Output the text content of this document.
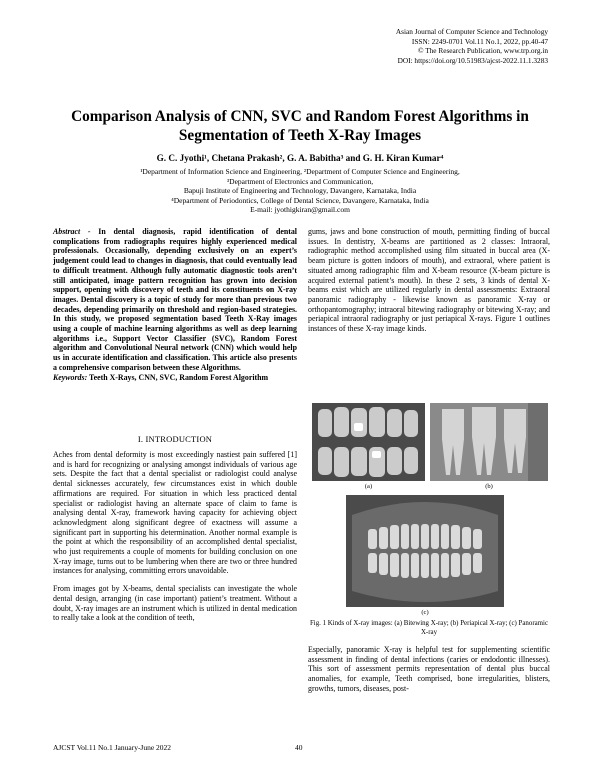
Asian Journal of Computer Science and Technology
ISSN: 2249-0701 Vol.11 No.1, 2022, pp.40-47
© The Research Publication, www.trp.org.in
DOI: https://doi.org/10.51983/ajcst-2022.11.1.3283
Comparison Analysis of CNN, SVC and Random Forest Algorithms in Segmentation of Teeth X-Ray Images
G. C. Jyothi¹, Chetana Prakash², G. A. Babitha³ and G. H. Kiran Kumar⁴
¹Department of Information Science and Engineering, ²Department of Computer Science and Engineering,
³Department of Electronics and Communication,
Bapuji Institute of Engineering and Technology, Davangere, Karnataka, India
⁴Department of Periodontics, College of Dental Science, Davangere, Karnataka, India
E-mail: jyothigkiran@gmail.com
Abstract - In dental diagnosis, rapid identification of dental complications from radiographs requires highly experienced medical professionals. Occasionally, depending exclusively on an expert’s judgement could lead to changes in diagnosis, that could eventually lead to difficult treatment. Although fully automatic diagnostic tools aren’t still anticipated, image pattern recognition has grown into decision support, opening with discovery of teeth and its constituents on X-ray images. Dental discovery is a topic of study for more than previous two decades, depending primarily on threshold and region-based strategies. In this study, we proposed segmentation based Teeth X-Ray images using a couple of machine learning algorithms as well as deep learning algorithms i.e., Support Vector Classifier (SVC), Random Forest algorithm and Convolutional Neural network (CNN) which would help us in accurate identification and classification. This article also presents a comprehensive comparison between these Algorithms.
Keywords: Teeth X-Rays, CNN, SVC, Random Forest Algorithm
I. INTRODUCTION

Aches from dental deformity is most exceedingly nastiest pain suffered [1] and is hard for recognizing or analysing amongst individuals of various age sets. Despite the fact that a dental specialist or radiologist could analyse dental sicknesses accurately, few circumstances exist in which double affirmations are required. For situation in which less practiced dental specialist or radiologist having an alternate space of claim to fame is analysing dental X-ray, framework having capacity for achieving object acknowledgment along significant degree of exactness will assume a significant part in supporting his determination. Another normal example is the point at which the responsibility of an accomplished dental specialist, who just requirements a couple of moments for building conclusion on one X-ray image, turns out to be lumbering when there are two or three hundred instances for analysing, committing errors unavoidable.

From images got by X-beams, dental specialists can investigate the whole dental design, arranging (in case important) patient’s treatment. Without a doubt, X-ray images are an instrument which is utilized in dental medication to really take a look at the condition of teeth,

gums, jaws and bone construction of mouth, permitting finding of buccal issues. In dentistry, X-beams are partitioned as 2 classes: Intraoral, radiographic method accomplished using film situated in buccal area (X-beam picture is gotten indoors of mouth), and extraoral, where patient is situated among radiographic film and X-beam resource (X-beam picture is acquired external patient’s mouth). In these 2 sets, 3 kinds of dental X-beams exist which are utilized regularly in dental assessments: Extraoral panoramic radiography - likewise known as panoramic X-ray or orthopantomography; intraoral bitewing radiography or bitewing X-ray; and periapical intraoral radiography or just periapical X-rays. Figure 1 outlines instances of these X-ray image kinds.

(a)	(b)
(c)
Fig. 1 Kinds of X-ray images: (a) Bitewing X-ray; (b) Periapical X-ray; (c) Panoramic X-ray

Especially, panoramic X-ray is helpful test for supplementing scientific assessment in finding of dental infections (caries or endodontic illnesses). This sort of assessment permits representation of dental plus buccal anomalies, for example, Teeth comprised, bone irregularities, blisters, growths, tumors, diseases, post-

AJCST Vol.11 No.1 January-June 2022	40
